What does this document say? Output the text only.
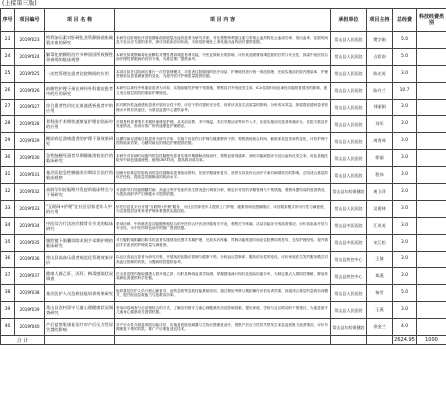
(上接第三版)
序号	项目编号	项 目 名 称	项 目 内 容	承担单位	项目主持	总经费	科技经费类别
23	2019f023	特利加压素对肝硬化食管静脉曲张破裂出血的研究	本研究以肝硬化伴食管静脉曲张破裂出血的患者为研究对象，对比观察特利加压素与常规止血药物在止血成功率、再出血率、住院时间及不良反应方面的差异，探讨其临床应用价值，为规范肝硬化上消化道出血的治疗提供依据。	常山县人民医院	樊学刚	5.0	
24	2019f024	解毒化瘀颗粒治疗多种原因所致慢性肾衰竭的临床观察	本研究拟观察解毒化瘀颗粒对慢性肾衰竭患者肾功能、中医证候积分的影响，评价其延缓肾衰竭进展的疗效与安全性，探索中西医结合治疗慢性肾脏病的有效方案，为基层推广提供参考。	常山县人民医院	占彩南	5.0	
25	2019f025	一次性管理在患者住院期间的应用	本项目拟在住院病区推行一次性管理模式，对患者住院期间的医疗用品、护理耗材进行统一规范管理，比较实施前后院内感染率、护理差错率及患者满意度的变化，为提升医疗护理质量提供依据。	常山县人民医院	陈光英	3.0	
26	2019f026	前瞻性护理干预在神经外科重症患者中的应用研究	本研究以神经外科重症患者为对象，实施前瞻性护理干预措施，观察其对并发症发生率、ICU住院时间及神经功能恢复情况的影响，建立适合基层医院的重症护理规范。	常山县人民医院	陈丹兰	10.7	
27	2019f027	综合患者性价比在血液透析患者中的应用	拟对维持性血液透析患者开展综合性干预，评估干预对透析充分性、营养状况及生活质量的影响，分析成本效益，探索提高透析患者管理水平的有效途径，为基层血透中心提供参考。	常山县人民医院	刘丽娟	3.0	
28	2019f028	骨科围手术期快速康复护理在临床中的应用	开展骨科患者围手术期快速康复护理，从术前宣教、术中保温、术后早期活动等环节入手，比较实施前后患者疼痛评分、住院天数及并发症情况，形成可推广的快速康复护理路径。	常山县人民医院	刘军	3.0	
29	2019f029	糖尿病足溃疡患者的护理干预效果研究	以糖尿病足溃疡住院患者为研究对象，实施个体化伤口护理与健康教育干预，观察溃疡愈合时间、截肢率及复发率的变化，评价护理干预的临床效果，为糖尿病足的规范护理提供依据。	常山县人民医院	周秀琴	3.0	
30	2019f030	急性脑梗死患者早期静脉溶栓治疗的临床研究	本研究对发病时间窗内的急性脑梗死患者实施早期静脉溶栓治疗，观察血管再通率、神经功能缺损评分及出血转化发生率，优化县级医院卒中绿色通道流程，缩短DNT时间，提高救治成功率。	常山县人民医院	徐丽	3.0	
31	2019f031	基层医院急性胰腺炎早期综合治疗的临床观察	回顾分析基层医院收治的急性胰腺炎患者临床资料，比较早期液体复苏、营养支持及综合治疗方案对病情转归的影响，总结适合基层的诊疗经验，提高急性胰腺炎的救治水平。	常山县人民医院	程伟	3.0	
32	2019f032	高龄孕妇妊娠期并发症的临床特点与干预研究	对高龄孕妇妊娠期糖尿病、高血压等并发症的发生情况进行调查分析，制定针对性的孕期管理与干预措施，观察母婴结局的改善情况，为提高高龄孕产妇保健水平提供依据。	常山县妇幼保健院	黄卫萍	3.0	
33	2019f033	"互联网+护理"在社区居家老年人中的应用	依托信息化平台开展"互联网+护理"服务，为社区居家老年人提供上门护理、健康咨询及慢病随访，评估服务模式的可行性与满意度，为完善基层居家养老护理体系提供实践经验。	常山县人民医院	吴建林	3.0	
34	2019f034	中医综合疗法治疗膝骨关节炎的临床研究	采用针刺、中药熏洗及功能锻炼相结合的中医综合疗法治疗膝骨关节炎，观察关节疼痛、活动功能评分的改善情况，评价其临床疗效与安全性，为中医药特色治疗的推广提供依据。	常山县中医医院	江凤英	3.0	
35	2019f035	腹腔镜下胆囊切除术围手术期护理的临床研究	对行腹腔镜胆囊切除术的患者实施规范化围手术期护理，比较术后疼痛、胃肠功能恢复时间及住院费用的差异，总结护理经验，提升微创手术患者的护理质量与满意度。	常山县中医医院	宋江松	3.0	
36	2019f036	常山县高血压患者规范化管理效果评价	以社区高血压患者为研究对象，开展规范化随访管理与健康干预，分析血压控制率、服药依从性的变化，评价家庭医生签约服务模式对高血压管理的效果，为慢病防控提供参考。	常山县疾控中心	王倩	3.0	
37	2019f037	健康人群乙肝、丙肝、梅毒感染状况调查	在全县范围内抽取健康人群开展乙肝、丙肝及梅毒血清学检测，掌握感染流行现状及危险因素分布，为制定重点人群防控策略、降低传染病危害提供科学依据。	常山县疾控中心	郑燕	3.0	
38	2019f038	基层医护人员急救技能培训效果研究	组织基层医护人员开展心肺复苏、创伤急救等急救技能系统培训，通过理论考核与模拟操作评估培训效果，探索适合基层的急救培训模式，提升院前急救能力与抢救成功率。	常山县人民医院	杨雪	5.0	
39	2019f039	常山县农村留守儿童心理健康状况调查研究	采用问卷调查与访谈相结合的方式，了解农村留守儿童心理健康状况及影响因素，提出家庭、学校与社区联动的干预建议，为促进留守儿童身心健康成长提供依据。	常山县人民医院	王燕	3.0	
40	2019f040	产后盆底肌康复治疗对产后压力性尿失禁的影响	对产后女性开展盆底肌功能评估，实施盆底肌电刺激与生物反馈康复治疗，观察产后压力性尿失禁发生率及盆底肌力改善情况，评价早期康复干预的效果，推广产后康复适宜技术。	常山县妇幼保健院	余金兰	4.0	
合 计						2624.95	1000
